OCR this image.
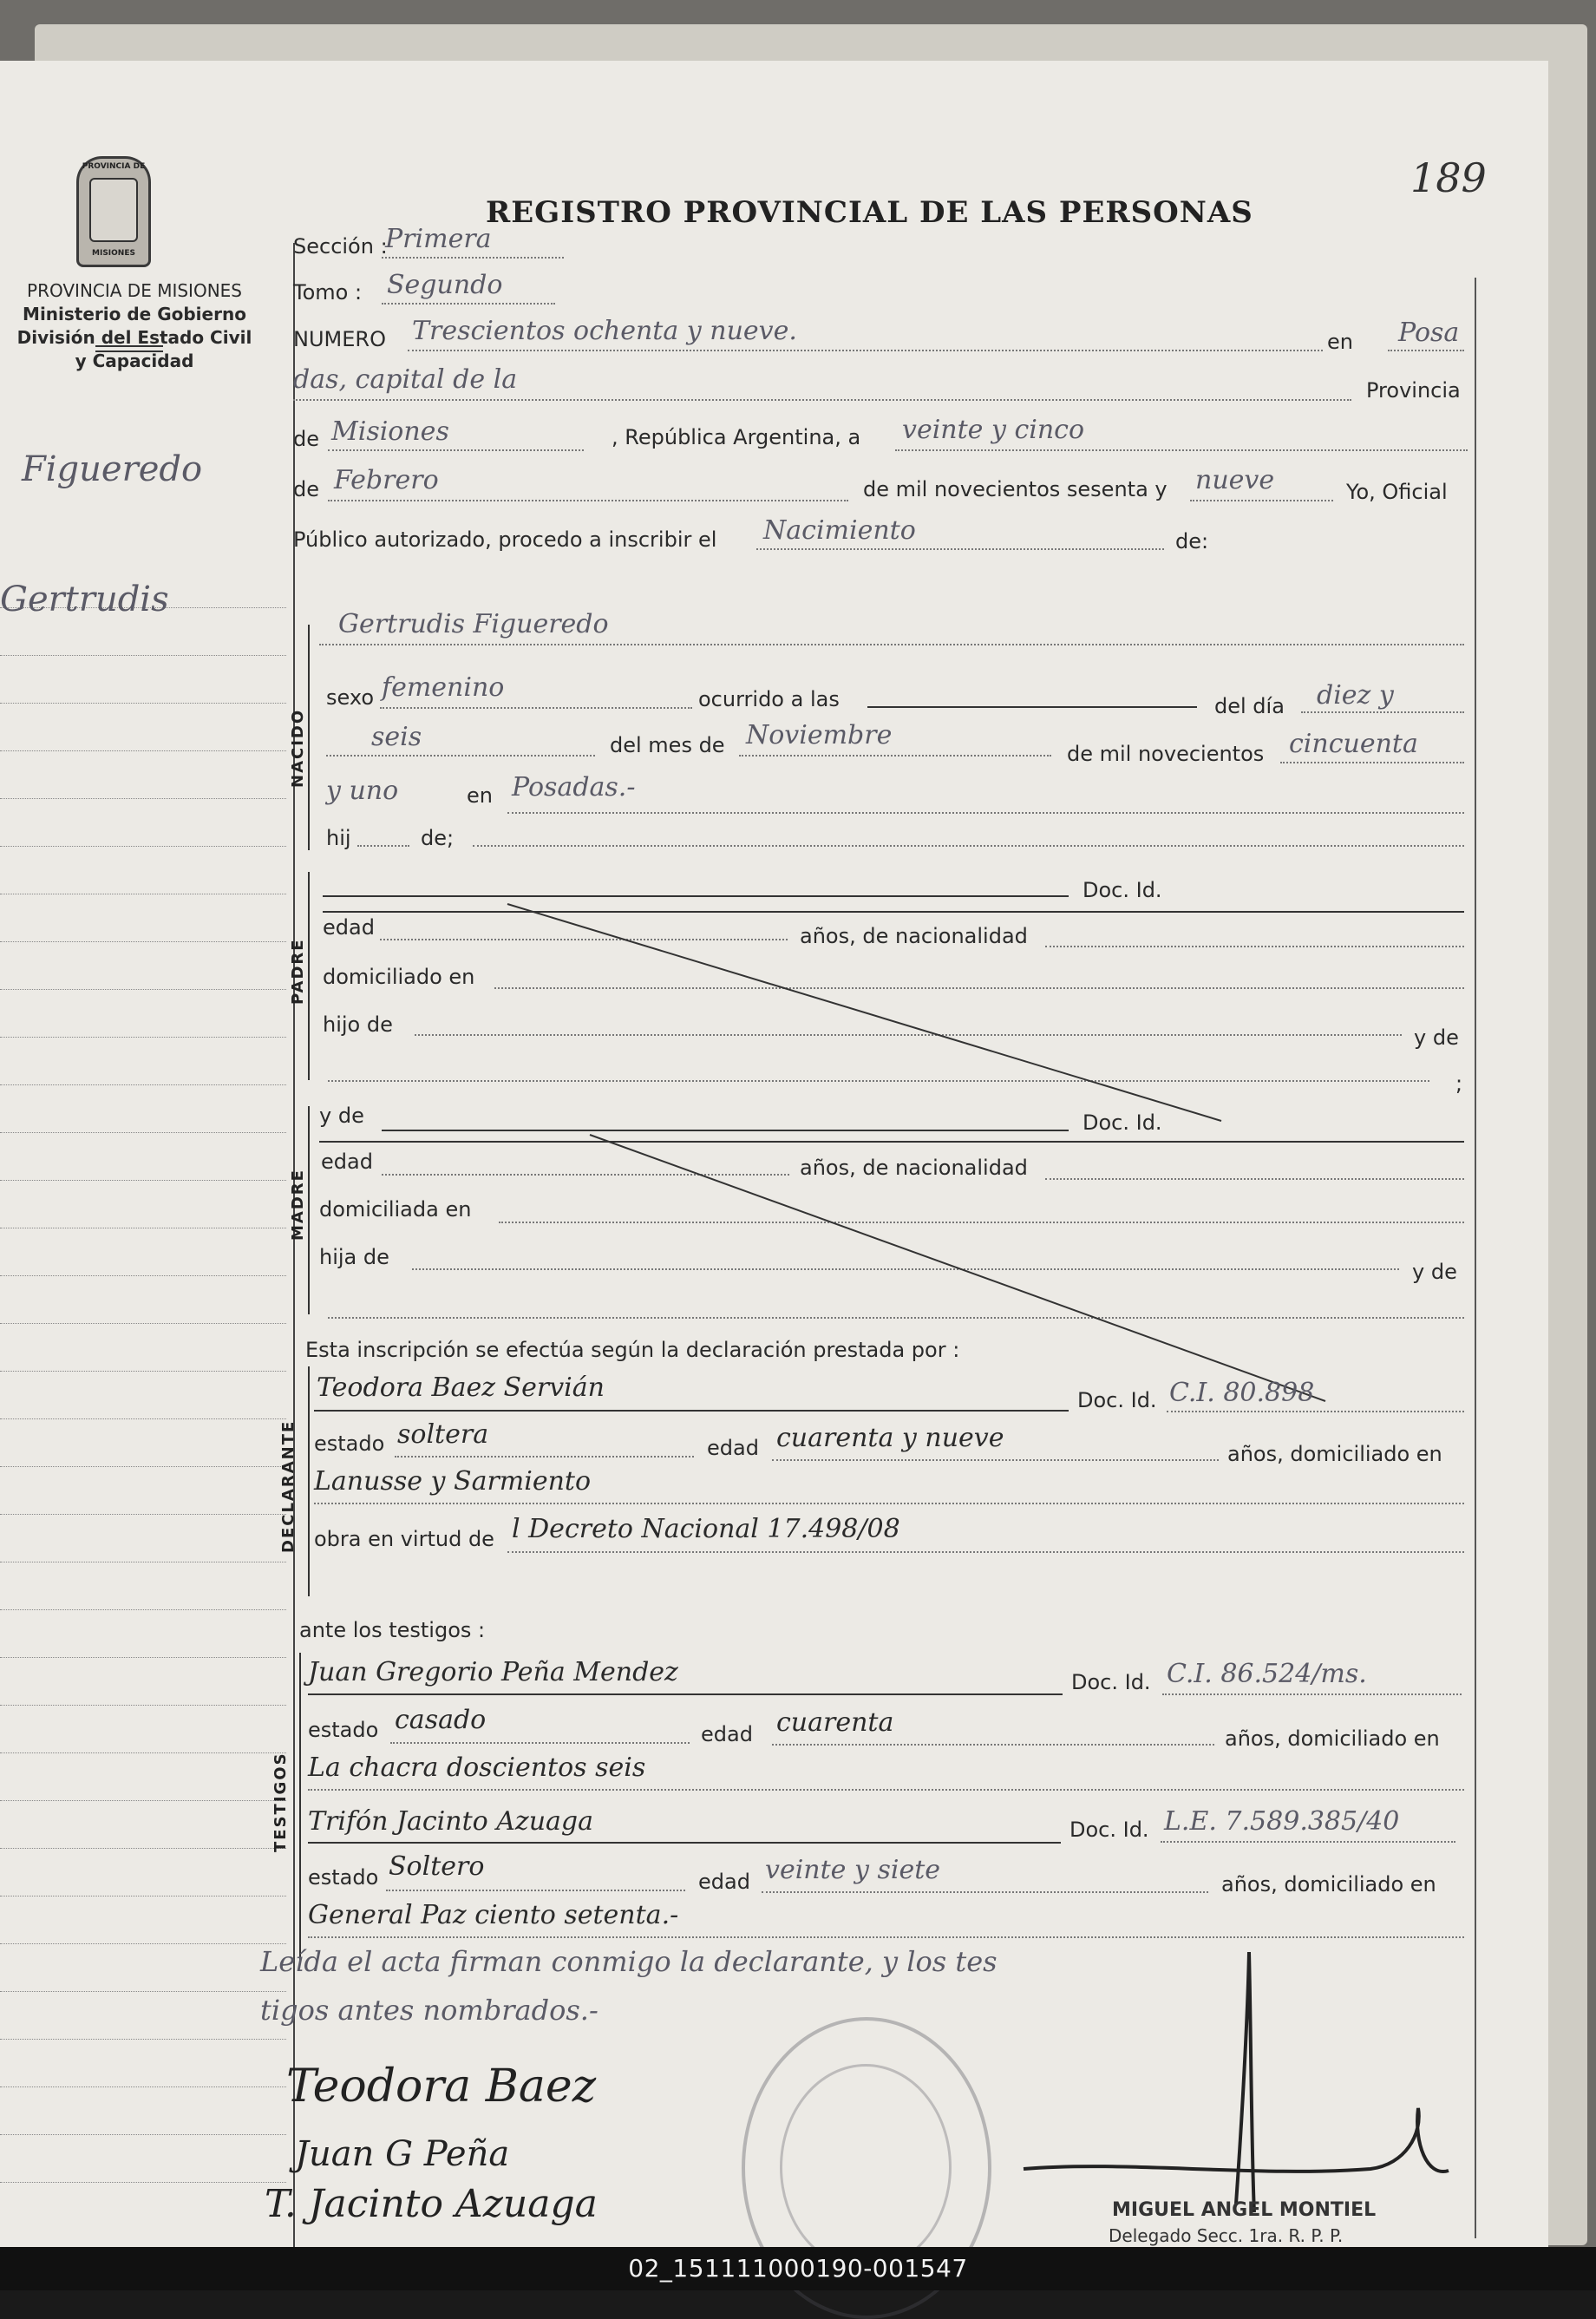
PROVINCIA DE
MISIONES
PROVINCIA DE MISIONES
Ministerio de Gobierno
División del Estado Civil
y Capacidad
189
REGISTRO PROVINCIAL DE LAS PERSONAS
Figueredo
Gertrudis
Sección :
Primera
Tomo : Segundo
NUMERO Trescientos ochenta y nueve.	en Posa
das, capital de la	Provincia
de Misiones	, República Argentina, a veinte y cinco
de Febrero	de mil novecientos sesenta y nueve	Yo, Oficial
Público autorizado, procedo a inscribir el Nacimiento	de:
NACIDO
Gertrudis Figueredo
sexo femenino	ocurrido a las	del día diez y
seis	del mes de Noviembre
de mil novecientos cincuenta
y uno	en Posadas.-
hij	de;
PADRE
Doc. Id.
edad	años, de nacionalidad
domiciliado en
hijo de
y de
;
MADRE
y de	Doc. Id.
edad	años, de nacionalidad
domiciliada en
hija de
y de
Esta inscripción se efectúa según la declaración prestada por :
DECLARANTE
Teodora Baez Servián	Doc. Id. C.I. 80.898
estado soltera	edad cuarenta y nueve
años, domiciliado en
Lanusse y Sarmiento
obra en virtud de l Decreto Nacional 17.498/08
ante los testigos :
TESTIGOS
Juan Gregorio Peña Mendez	Doc. Id. C.I. 86.524/ms.
estado casado	edad cuarenta
años, domiciliado en
La chacra doscientos seis
Trifón Jacinto Azuaga	Doc. Id. L.E. 7.589.385/40
estado Soltero	edad veinte y siete	años, domiciliado en
General Paz ciento setenta.-
Leída el acta firman conmigo la declarante, y los tes
tigos antes nombrados.-
Teodora Baez
Juan G Peña
T. Jacinto Azuaga	MIGUEL ANGEL MONTIEL
Delegado Secc. 1ra. R. P. P.
02_151111000190-001547
